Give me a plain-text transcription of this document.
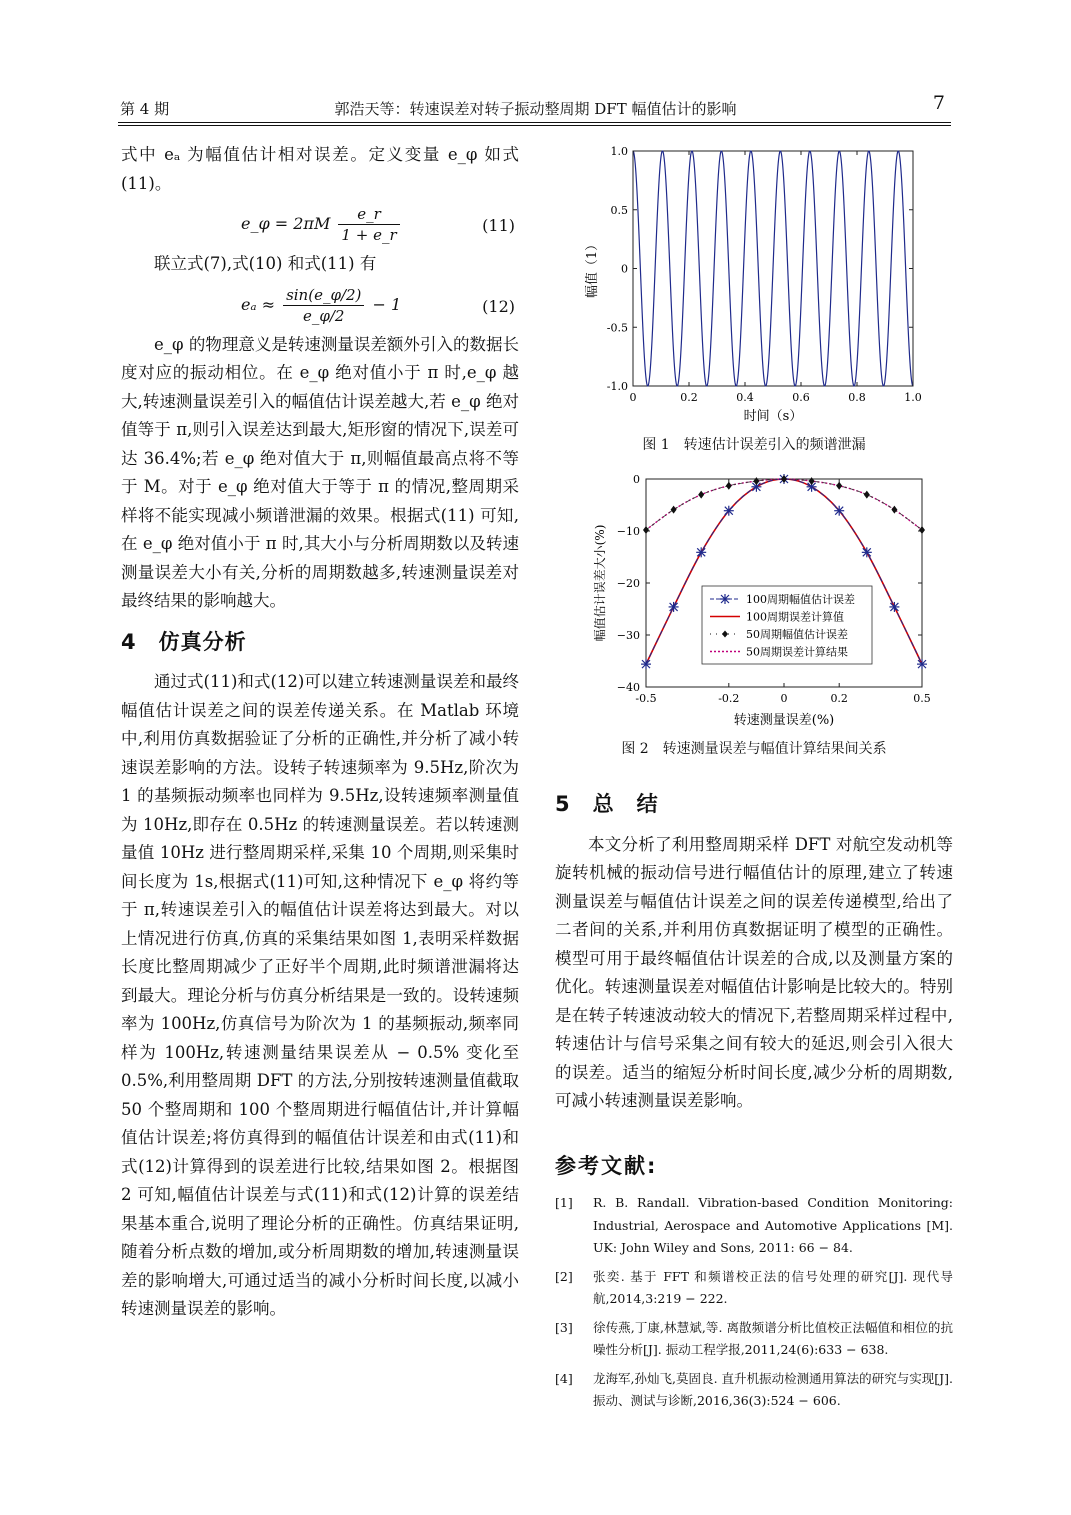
第 4 期	郭浩天等：转速误差对转子振动整周期 DFT 幅值估计的影响	7

式中 eₐ 为幅值估计相对误差。定义变量 e_φ 如式(11)。

e_φ = $2\pi M \frac{e\_r}{1 + e\_r}$	(11)

联立式(7),式(10) 和式(11) 有

$e_a \approx \frac{\sin(e\_\varphi/2)}{e\_\varphi/2} - 1$	(12)

e_φ 的物理意义是转速测量误差额外引入的数据长度对应的振动相位。在 e_φ 绝对值小于 π 时,e_φ 越大,转速测量误差引入的幅值估计误差越大,若 e_φ 绝对值等于 π,则引入误差达到最大,矩形窗的情况下,误差可达 36.4%;若 e_φ 绝对值大于 π,则幅值最高点将不等于 M。对于 e_φ 绝对值大于等于 π 的情况,整周期采样将不能实现减小频谱泄漏的效果。根据式(11) 可知,在 e_φ 绝对值小于 π 时,其大小与分析周期数以及转速测量误差大小有关,分析的周期数越多,转速测量误差对最终结果的影响越大。

4 仿真分析

通过式(11)和式(12)可以建立转速测量误差和最终幅值估计误差之间的误差传递关系。在 Matlab 环境中,利用仿真数据验证了分析的正确性,并分析了减小转速误差影响的方法。设转子转速频率为 9.5Hz,阶次为 1 的基频振动频率也同样为 9.5Hz,设转速频率测量值为 10Hz,即存在 0.5Hz 的转速测量误差。若以转速测量值 10Hz 进行整周期采样,采集 10 个周期,则采集时间长度为 1s,根据式(11)可知,这种情况下 e_φ 将约等于 π,转速误差引入的幅值估计误差将达到最大。对以上情况进行仿真,仿真的采集结果如图 1,表明采样数据长度比整周期减少了正好半个周期,此时频谱泄漏将达到最大。理论分析与仿真分析结果是一致的。设转速频率为 100Hz,仿真信号为阶次为 1 的基频振动,频率同样为 100Hz,转速测量结果误差从 − 0.5% 变化至 0.5%,利用整周期 DFT 的方法,分别按转速测量值截取 50 个整周期和 100 个整周期进行幅值估计,并计算幅值估计误差;将仿真得到的幅值估计误差和由式(11)和式(12)计算得到的误差进行比较,结果如图 2。根据图 2 可知,幅值估计误差与式(11)和式(12)计算的误差结果基本重合,说明了理论分析的正确性。仿真结果证明,随着分析点数的增加,或分析周期数的增加,转速测量误差的影响增大,可通过适当的减小分析时间长度,以减小转速测量误差的影响。

1.0
0.5
0
-0.5
-1.0
0	0.2	0.4	0.6	0.8	1.0
幅值（1）
时间（s）
图 1　转速估计误差引入的频谱泄漏
0
−10
−20
−30
−40
-0.5	-0.2	0	0.2	0.5
100周期幅值估计误差
100周期误差计算值
50周期幅值估计误差
50周期误差计算结果
幅值估计误差大小(%)
转速测量误差(%)
图 2　转速测量误差与幅值计算结果间关系
5 总　结

本文分析了利用整周期采样 DFT 对航空发动机等旋转机械的振动信号进行幅值估计的原理,建立了转速测量误差与幅值估计误差之间的误差传递模型,给出了二者间的关系,并利用仿真数据证明了模型的正确性。模型可用于最终幅值估计误差的合成,以及测量方案的优化。转速测量误差对幅值估计影响是比较大的。特别是在转子转速波动较大的情况下,若整周期采样过程中,转速估计与信号采集之间有较大的延迟,则会引入很大的误差。适当的缩短分析时间长度,减少分析的周期数,可减小转速测量误差影响。

参考文献:
[1] R. B. Randall. Vibration-based Condition Monitoring: Industrial, Aerospace and Automotive Applications [M]. UK: John Wiley and Sons, 2011: 66 − 84.
[2] 张奕. 基于 FFT 和频谱校正法的信号处理的研究[J]. 现代导航,2014,3:219 − 222.
[3] 徐传燕,丁康,林慧斌,等. 离散频谱分析比值校正法幅值和相位的抗噪性分析[J]. 振动工程学报,2011,24(6):633 − 638.
[4] 龙海军,孙灿飞,莫固良. 直升机振动检测通用算法的研究与实现[J]. 振动、测试与诊断,2016,36(3):524 − 606.
